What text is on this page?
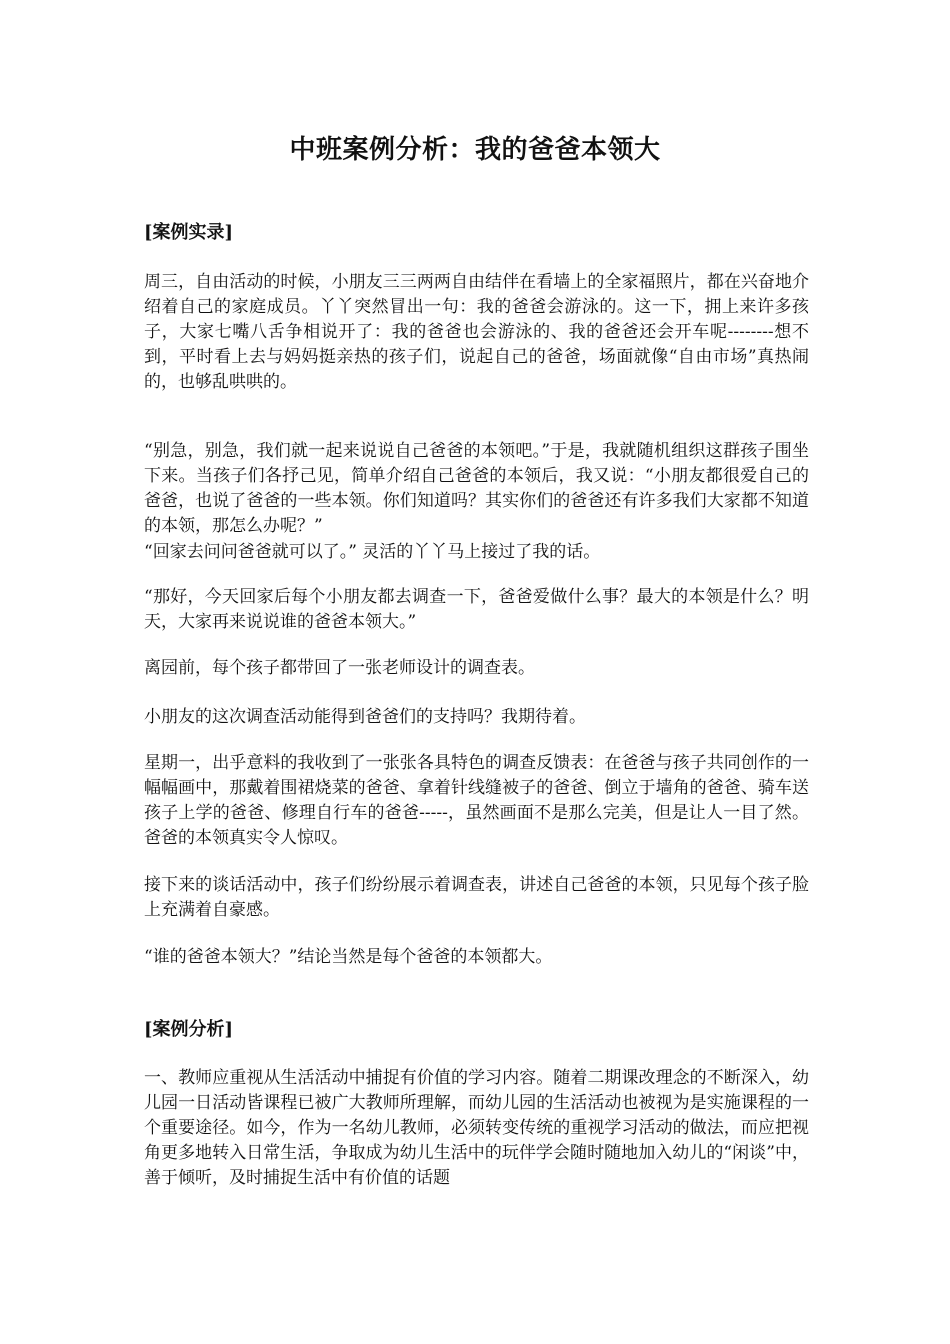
中班案例分析：我的爸爸本领大
[案例实录]

周三，自由活动的时候，小朋友三三两两自由结伴在看墙上的全家福照片，都在兴奋地介绍着自己的家庭成员。丫丫突然冒出一句：我的爸爸会游泳的。这一下，拥上来许多孩子，大家七嘴八舌争相说开了：我的爸爸也会游泳的、我的爸爸还会开车呢--------想不到，平时看上去与妈妈挺亲热的孩子们，说起自己的爸爸，场面就像“自由市场”真热闹的，也够乱哄哄的。

“别急，别急，我们就一起来说说自己爸爸的本领吧。”于是，我就随机组织这群孩子围坐下来。当孩子们各抒己见，简单介绍自己爸爸的本领后，我又说：“小朋友都很爱自己的爸爸，也说了爸爸的一些本领。你们知道吗？其实你们的爸爸还有许多我们大家都不知道的本领，那怎么办呢？”

“回家去问问爸爸就可以了。” 灵活的丫丫马上接过了我的话。

“那好，今天回家后每个小朋友都去调查一下，爸爸爱做什么事？最大的本领是什么？明天，大家再来说说谁的爸爸本领大。”

离园前，每个孩子都带回了一张老师设计的调查表。

小朋友的这次调查活动能得到爸爸们的支持吗？我期待着。

星期一，出乎意料的我收到了一张张各具特色的调查反馈表：在爸爸与孩子共同创作的一幅幅画中，那戴着围裙烧菜的爸爸、拿着针线缝被子的爸爸、倒立于墙角的爸爸、骑车送孩子上学的爸爸、修理自行车的爸爸-----，虽然画面不是那么完美，但是让人一目了然。爸爸的本领真实令人惊叹。

接下来的谈话活动中，孩子们纷纷展示着调查表，讲述自己爸爸的本领，只见每个孩子脸上充满着自豪感。

“谁的爸爸本领大？”结论当然是每个爸爸的本领都大。

[案例分析]

一、教师应重视从生活活动中捕捉有价值的学习内容。随着二期课改理念的不断深入，幼儿园一日活动皆课程已被广大教师所理解，而幼儿园的生活活动也被视为是实施课程的一个重要途径。如今，作为一名幼儿教师，必须转变传统的重视学习活动的做法，而应把视角更多地转入日常生活，争取成为幼儿生活中的玩伴学会随时随地加入幼儿的“闲谈”中，善于倾听，及时捕捉生活中有价值的话题
